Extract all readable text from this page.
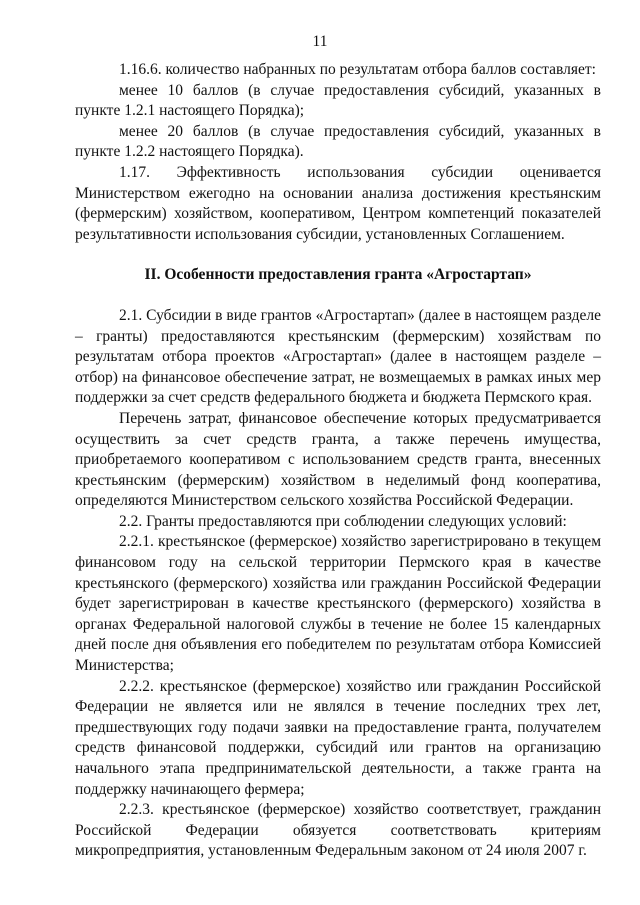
11

1.16.6. количество набранных по результатам отбора баллов составляет:

менее 10 баллов (в случае предоставления субсидий, указанных в пункте 1.2.1 настоящего Порядка);

менее 20 баллов (в случае предоставления субсидий, указанных в пункте 1.2.2 настоящего Порядка).

1.17. Эффективность использования субсидии оценивается Министерством ежегодно на основании анализа достижения крестьянским (фермерским) хозяйством, кооперативом, Центром компетенций показателей результативности использования субсидии, установленных Соглашением.

II. Особенности предоставления гранта «Агростартап»

2.1. Субсидии в виде грантов «Агростартап» (далее в настоящем разделе – гранты) предоставляются крестьянским (фермерским) хозяйствам по результатам отбора проектов «Агростартап» (далее в настоящем разделе – отбор) на финансовое обеспечение затрат, не возмещаемых в рамках иных мер поддержки за счет средств федерального бюджета и бюджета Пермского края.

Перечень затрат, финансовое обеспечение которых предусматривается осуществить за счет средств гранта, а также перечень имущества, приобретаемого кооперативом с использованием средств гранта, внесенных крестьянским (фермерским) хозяйством в неделимый фонд кооператива, определяются Министерством сельского хозяйства Российской Федерации.

2.2. Гранты предоставляются при соблюдении следующих условий:

2.2.1. крестьянское (фермерское) хозяйство зарегистрировано в текущем финансовом году на сельской территории Пермского края в качестве крестьянского (фермерского) хозяйства или гражданин Российской Федерации будет зарегистрирован в качестве крестьянского (фермерского) хозяйства в органах Федеральной налоговой службы в течение не более 15 календарных дней после дня объявления его победителем по результатам отбора Комиссией Министерства;

2.2.2. крестьянское (фермерское) хозяйство или гражданин Российской Федерации не является или не являлся в течение последних трех лет, предшествующих году подачи заявки на предоставление гранта, получателем средств финансовой поддержки, субсидий или грантов на организацию начального этапа предпринимательской деятельности, а также гранта на поддержку начинающего фермера;

2.2.3. крестьянское (фермерское) хозяйство соответствует, гражданин Российской Федерации обязуется соответствовать критериям микропредприятия, установленным Федеральным законом от 24 июля 2007 г.
